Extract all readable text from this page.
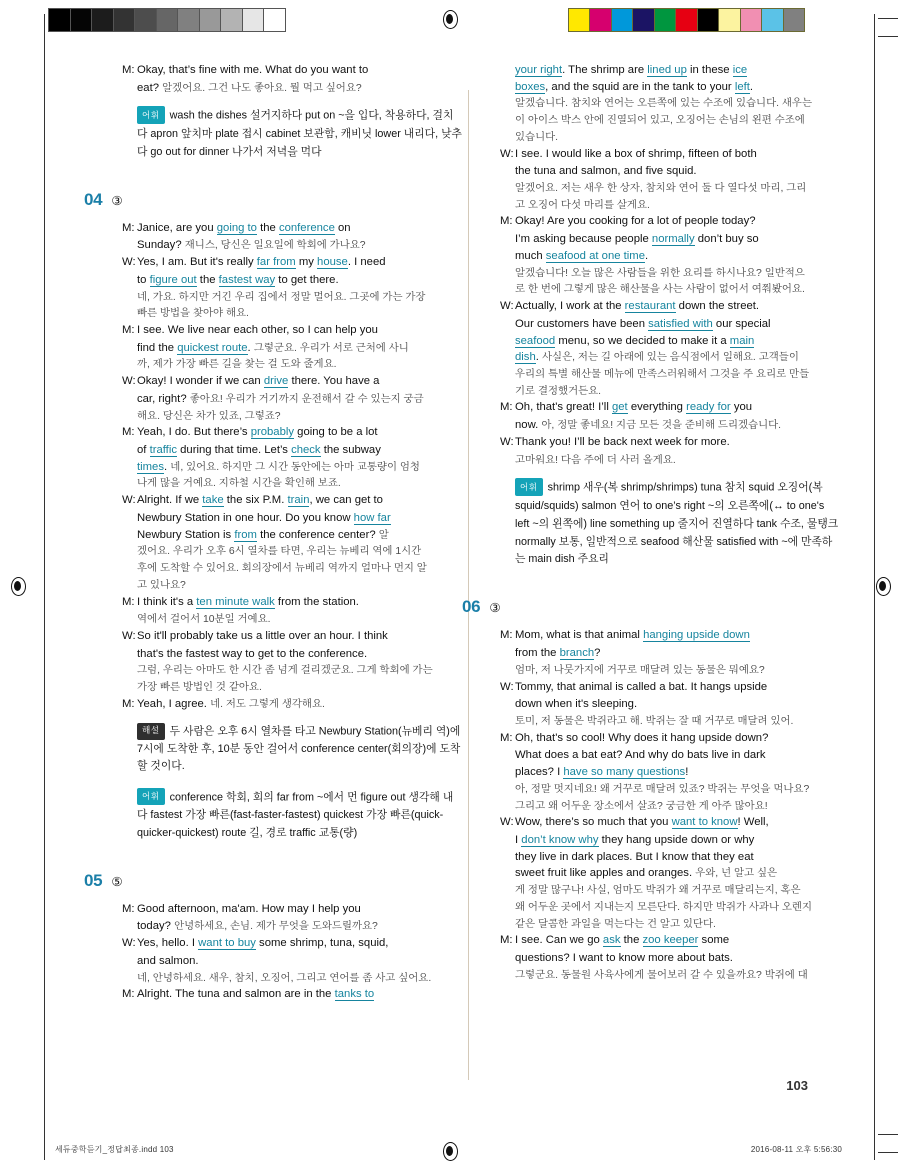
M: Okay, that’s fine with me. What do you want to
eat? 알겠어요. 그건 나도 좋아요. 뭘 먹고 싶어요?
어휘 wash the dishes 설거지하다 put on ~을 입다, 착용하다, 걸치다 apron 앞치마 plate 접시 cabinet 보관함, 캐비닛 lower 내리다, 낮추다 go out for dinner 나가서 저녁을 먹다
04 ③
M: Janice, are you going to the conference on
Sunday? 재니스, 당신은 일요일에 학회에 가나요?
W: Yes, I am. But it's really far from my house. I need
to figure out the fastest way to get there.
네, 가요. 하지만 거긴 우리 집에서 정말 멀어요. 그곳에 가는 가장
빠른 방법을 찾아야 해요.
M: I see. We live near each other, so I can help you
find the quickest route. 그렇군요. 우리가 서로 근처에 사니
까, 제가 가장 빠른 길을 찾는 걸 도와 줄게요.
W: Okay! I wonder if we can drive there. You have a
car, right? 좋아요! 우리가 거기까지 운전해서 갈 수 있는지 궁금
해요. 당신은 차가 있죠, 그렇죠?
M: Yeah, I do. But there’s probably going to be a lot
of traffic during that time. Let’s check the subway
times. 네, 있어요. 하지만 그 시간 동안에는 아마 교통량이 엄청
나게 많을 거예요. 지하철 시간을 확인해 보죠.
W: Alright. If we take the six P.M. train, we can get to
Newbury Station in one hour. Do you know how far
Newbury Station is from the conference center? 알
겠어요. 우리가 오후 6시 열차를 타면, 우리는 뉴베리 역에 1시간
후에 도착할 수 있어요. 회의장에서 뉴베리 역까지 얼마나 먼지 알
고 있나요?
M: I think it's a ten minute walk from the station.
역에서 걸어서 10분일 거예요.
W: So it'll probably take us a little over an hour. I think
that's the fastest way to get to the conference.
그럼, 우리는 아마도 한 시간 좀 넘게 걸리겠군요. 그게 학회에 가는
가장 빠른 방법인 것 같아요.
M: Yeah, I agree. 네. 저도 그렇게 생각해요.
해설 두 사람은 오후 6시 열차를 타고 Newbury Station(뉴베리 역)에 7시에 도착한 후, 10분 동안 걸어서 conference center(회의장)에 도착할 것이다.
어휘 conference 학회, 회의 far from ~에서 먼 figure out 생각해 내다 fastest 가장 빠른(fast-faster-fastest) quickest 가장 빠른(quick-quicker-quickest) route 길, 경로 traffic 교통(량)
05 ⑤
M: Good afternoon, ma'am. How may I help you
today? 안녕하세요, 손님. 제가 무엇을 도와드릴까요?
W: Yes, hello. I want to buy some shrimp, tuna, squid,
and salmon.
네, 안녕하세요. 새우, 참치, 오징어, 그리고 연어를 좀 사고 싶어요.
M: Alright. The tuna and salmon are in the tanks to
your right. The shrimp are lined up in these ice
boxes, and the squid are in the tank to your left.
알겠습니다. 참치와 연어는 오른쪽에 있는 수조에 있습니다. 새우는
이 아이스 박스 안에 진열되어 있고, 오징어는 손님의 왼편 수조에
있습니다.
W: I see. I would like a box of shrimp, fifteen of both
the tuna and salmon, and five squid.
알겠어요. 저는 새우 한 상자, 참치와 연어 둘 다 열다섯 마리, 그리
고 오징어 다섯 마리를 살게요.
M: Okay! Are you cooking for a lot of people today?
I’m asking because people normally don’t buy so
much seafood at one time.
알겠습니다! 오늘 많은 사람들을 위한 요리를 하시나요? 일반적으
로 한 번에 그렇게 많은 해산물을 사는 사람이 없어서 여쭤봤어요.
W: Actually, I work at the restaurant down the street.
Our customers have been satisfied with our special
seafood menu, so we decided to make it a main
dish. 사실은, 저는 길 아래에 있는 음식점에서 일해요. 고객들이
우리의 특별 해산물 메뉴에 만족스러워해서 그것을 주 요리로 만들
기로 결정했거든요.
M: Oh, that's great! I’ll get everything ready for you
now. 아, 정말 좋네요! 지금 모든 것을 준비해 드리겠습니다.
W: Thank you! I’ll be back next week for more.
고마워요! 다음 주에 더 사러 올게요.
어휘 shrimp 새우(복 shrimp/shrimps) tuna 참치 squid 오징어(복 squid/squids) salmon 연어 to one’s right ~의 오른쪽에(↔ to one's left ~의 왼쪽에) line something up 줄지어 진열하다 tank 수조, 물탱크 normally 보통, 일반적으로 seafood 해산물 satisfied with ~에 만족하는 main dish 주요리
06 ③
M: Mom, what is that animal hanging upside down
from the branch?
엄마, 저 나뭇가지에 거꾸로 매달려 있는 동물은 뭐예요?
W: Tommy, that animal is called a bat. It hangs upside
down when it's sleeping.
토미, 저 동물은 박쥐라고 해. 박쥐는 잘 때 거꾸로 매달려 있어.
M: Oh, that's so cool! Why does it hang upside down?
What does a bat eat? And why do bats live in dark
places? I have so many questions!
아, 정말 멋지네요! 왜 거꾸로 매달려 있죠? 박쥐는 무엇을 먹나요?
그리고 왜 어두운 장소에서 살죠? 궁금한 게 아주 많아요!
W: Wow, there’s so much that you want to know! Well,
I don’t know why they hang upside down or why
they live in dark places. But I know that they eat
sweet fruit like apples and oranges. 우와, 넌 알고 싶은
게 정말 많구나! 사실, 엄마도 박쥐가 왜 거꾸로 매달리는지, 혹은
왜 어두운 곳에서 지내는지 모른단다. 하지만 박쥐가 사과나 오렌지
같은 달콤한 과일을 먹는다는 건 알고 있단다.
M: I see. Can we go ask the zoo keeper some
questions? I want to know more about bats.
그렇군요. 동물원 사육사에게 물어보러 갈 수 있을까요? 박쥐에 대
103
세듀중학듣기_정답최종.indd 103	2016-08-11 오후 5:56:30
